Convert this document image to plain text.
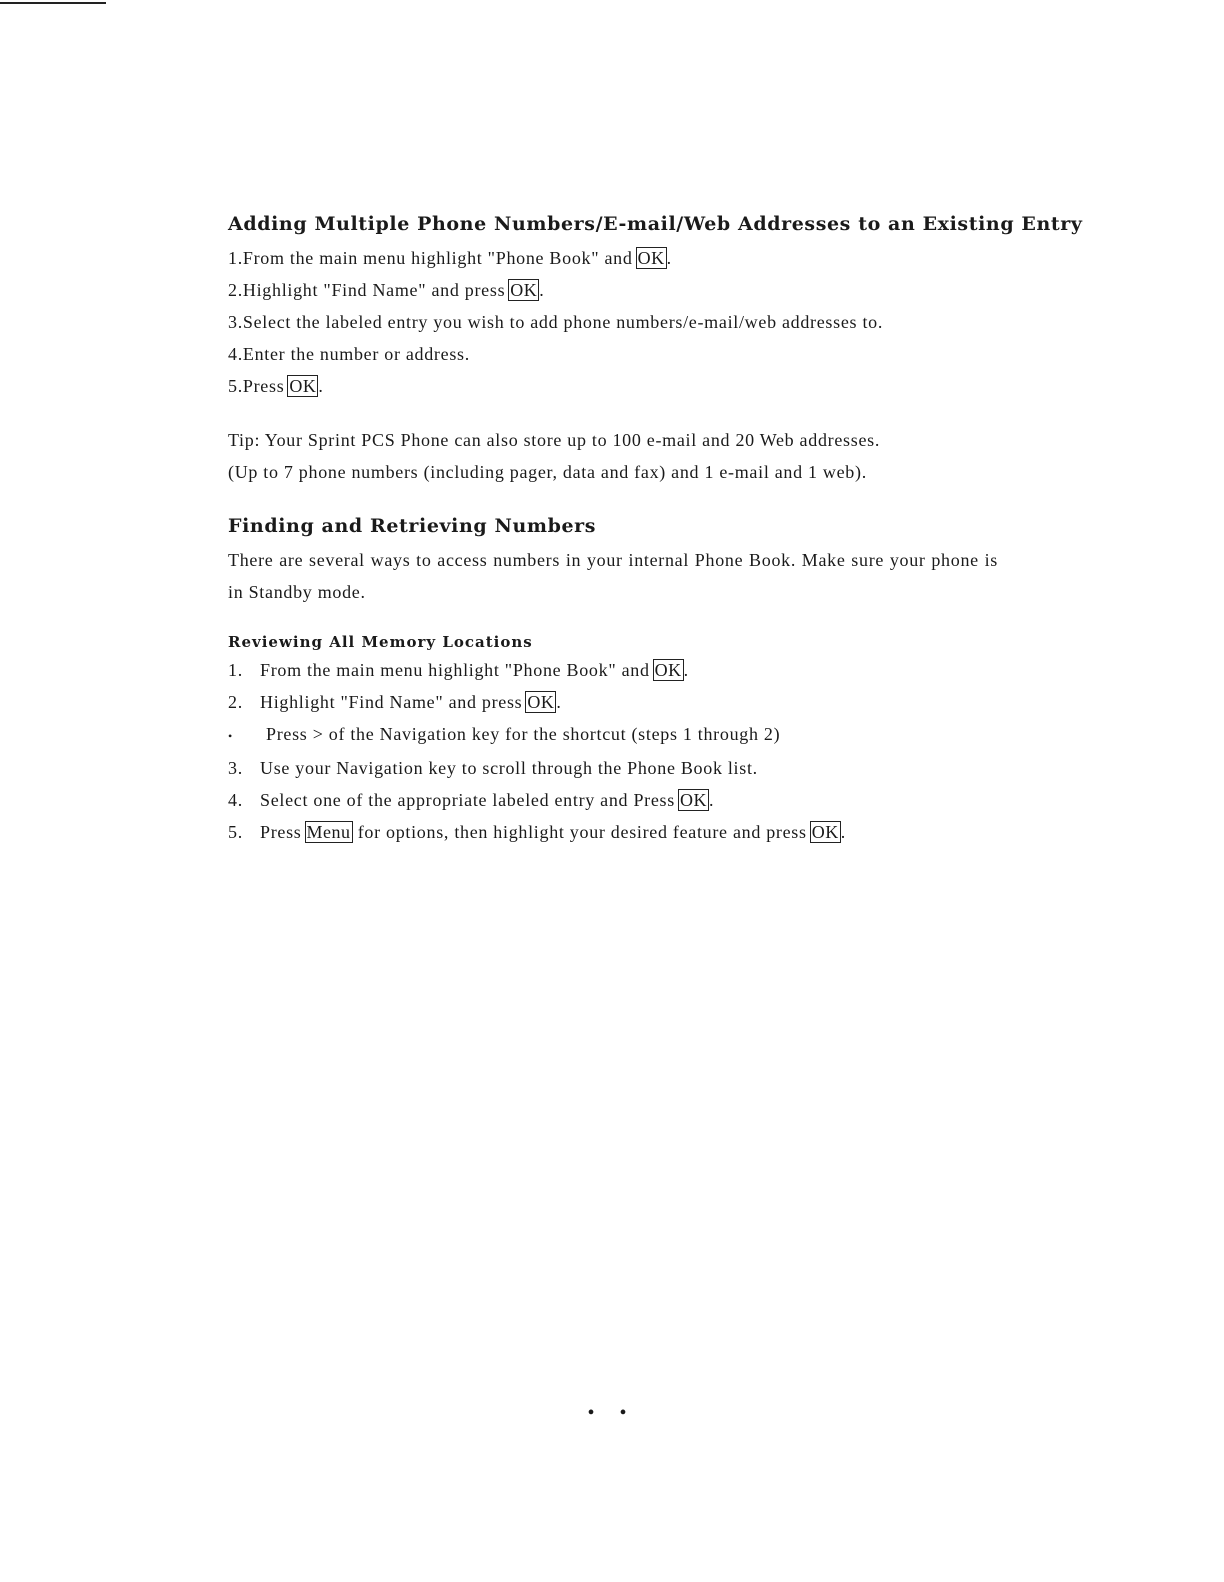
Adding Multiple Phone Numbers/E-mail/Web Addresses to an Existing Entry
1.From the main menu highlight "Phone Book" and OK .
2.Highlight "Find Name" and press OK .
3.Select the labeled entry you wish to add phone numbers/e-mail/web addresses to.
4.Enter the number or address.
5.Press OK .
Tip: Your Sprint PCS Phone can also store up to 100 e-mail and 20 Web addresses.
(Up to 7 phone numbers (including pager, data and fax) and 1 e-mail and 1 web).
Finding and Retrieving Numbers

There are several ways to access numbers in your internal Phone Book. Make sure your phone is in Standby mode.

Reviewing All Memory Locations
1. From the main menu highlight "Phone Book" and OK .
2. Highlight "Find Name" and press OK .
• Press > of the Navigation key for the shortcut (steps 1 through 2)
3. Use your Navigation key to scroll through the Phone Book list.
4. Select one of the appropriate labeled entry and Press OK .
5. Press Menu for options, then highlight your desired feature and press OK .
• •
